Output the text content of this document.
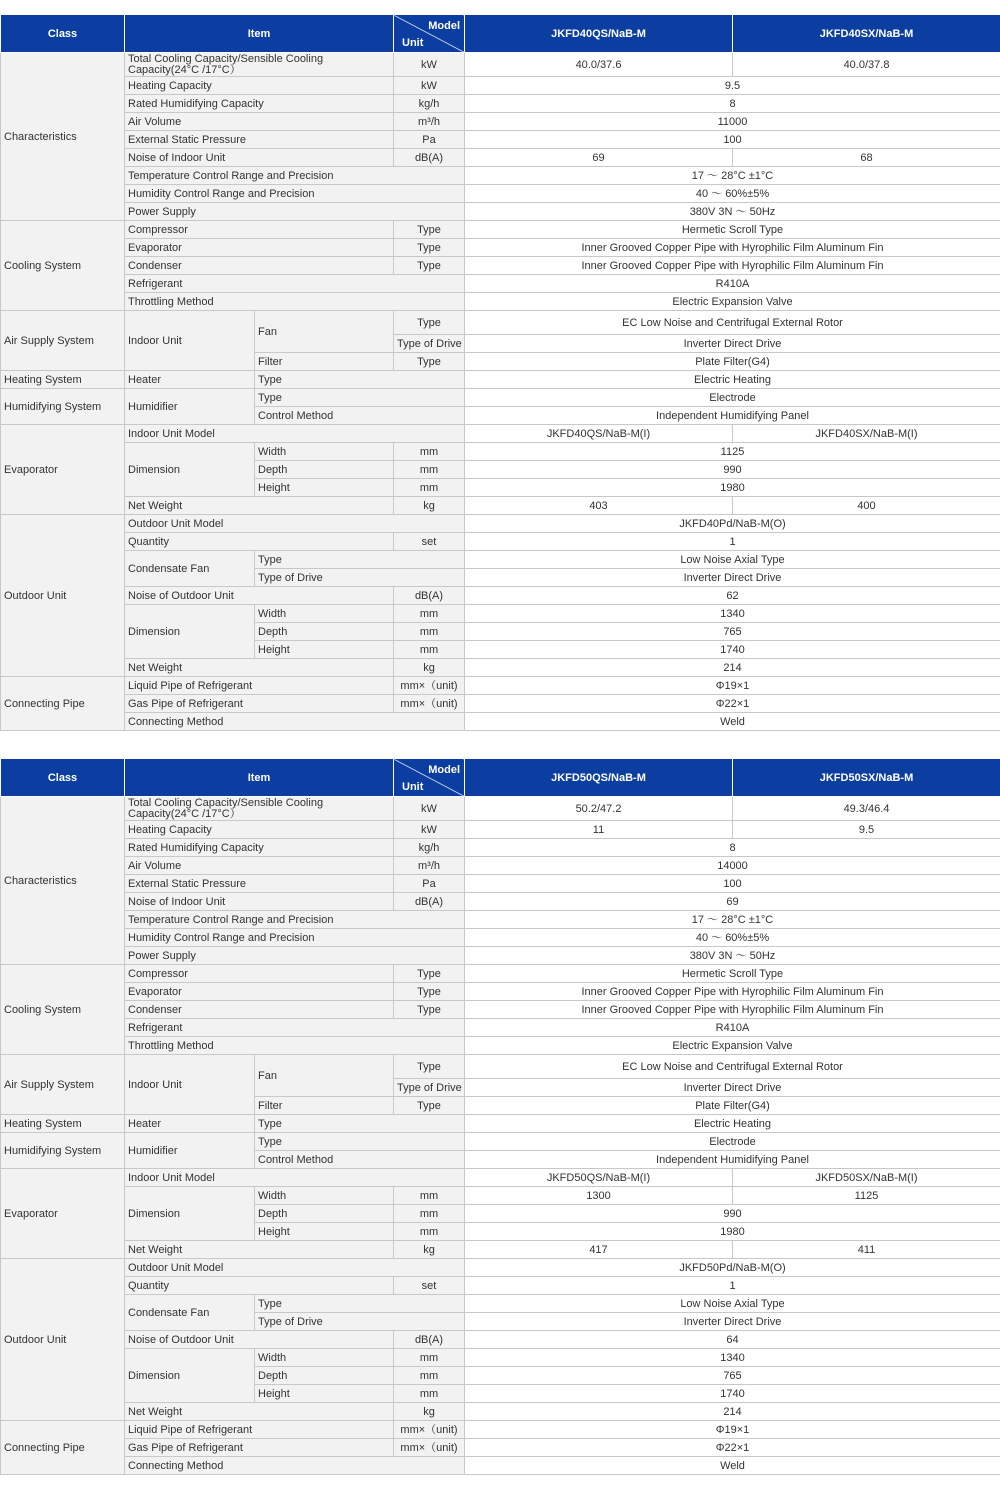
Class	Item		Model
Unit	JKFD40QS/NaB-M	JKFD40SX/NaB-M
Characteristics	Total Cooling Capacity/Sensible Cooling Capacity(24°C /17°C）		kW	40.0/37.6	40.0/37.8
	Heating Capacity		kW	9.5	
	Rated Humidifying Capacity		kg/h	8	
	Air Volume		m³/h	11000	
	External Static Pressure		Pa	100	
	Noise of Indoor Unit		dB(A)	69	68
	Temperature Control Range and Precision			17 ～ 28°C ±1°C	
	Humidity Control Range and Precision			40 ～ 60%±5%	
	Power Supply			380V 3N ～ 50Hz	
Cooling System	Compressor		Type	Hermetic Scroll Type	
	Evaporator		Type	Inner Grooved Copper Pipe with Hyrophilic Film Aluminum Fin	
	Condenser		Type	Inner Grooved Copper Pipe with Hyrophilic Film Aluminum Fin	
	Refrigerant			R410A	
	Throttling Method			Electric Expansion Valve	
Air Supply System	Indoor Unit	Fan	Type	EC Low Noise and Centrifugal External Rotor	
			Type of Drive	Inverter Direct Drive	
		Filter	Type	Plate Filter(G4)	
Heating System	Heater	Type		Electric Heating	
Humidifying System	Humidifier	Type		Electrode	
		Control Method		Independent Humidifying Panel	
Evaporator	Indoor Unit Model			JKFD40QS/NaB-M(I)	JKFD40SX/NaB-M(I)
	Dimension	Width	mm	1125	
		Depth	mm	990	
		Height	mm	1980	
	Net Weight		kg	403	400
Outdoor Unit	Outdoor Unit Model			JKFD40Pd/NaB-M(O)	
	Quantity		set	1	
	Condensate Fan	Type		Low Noise Axial Type	
		Type of Drive		Inverter Direct Drive	
	Noise of Outdoor Unit		dB(A)	62	
	Dimension	Width	mm	1340	
		Depth	mm	765	
		Height	mm	1740	
	Net Weight		kg	214	
Connecting Pipe	Liquid Pipe of Refrigerant		mm×（unit)	Φ19×1	
	Gas Pipe of Refrigerant		mm×（unit)	Φ22×1	
	Connecting Method			Weld	
Class	Item		Model
Unit	JKFD50QS/NaB-M	JKFD50SX/NaB-M
Characteristics	Total Cooling Capacity/Sensible Cooling Capacity(24°C /17°C）		kW	50.2/47.2	49.3/46.4
	Heating Capacity		kW	11	9.5
	Rated Humidifying Capacity		kg/h	8	
	Air Volume		m³/h	14000	
	External Static Pressure		Pa	100	
	Noise of Indoor Unit		dB(A)	69	
	Temperature Control Range and Precision			17 ～ 28°C ±1°C	
	Humidity Control Range and Precision			40 ～ 60%±5%	
	Power Supply			380V 3N ～ 50Hz	
Cooling System	Compressor		Type	Hermetic Scroll Type	
	Evaporator		Type	Inner Grooved Copper Pipe with Hyrophilic Film Aluminum Fin	
	Condenser		Type	Inner Grooved Copper Pipe with Hyrophilic Film Aluminum Fin	
	Refrigerant			R410A	
	Throttling Method			Electric Expansion Valve	
Air Supply System	Indoor Unit	Fan	Type	EC Low Noise and Centrifugal External Rotor	
			Type of Drive	Inverter Direct Drive	
		Filter	Type	Plate Filter(G4)	
Heating System	Heater	Type		Electric Heating	
Humidifying System	Humidifier	Type		Electrode	
		Control Method		Independent Humidifying Panel	
Evaporator	Indoor Unit Model			JKFD50QS/NaB-M(I)	JKFD50SX/NaB-M(I)
	Dimension	Width	mm	1300	1125
		Depth	mm	990	
		Height	mm	1980	
	Net Weight		kg	417	411
Outdoor Unit	Outdoor Unit Model			JKFD50Pd/NaB-M(O)	
	Quantity		set	1	
	Condensate Fan	Type		Low Noise Axial Type	
		Type of Drive		Inverter Direct Drive	
	Noise of Outdoor Unit		dB(A)	64	
	Dimension	Width	mm	1340	
		Depth	mm	765	
		Height	mm	1740	
	Net Weight		kg	214	
Connecting Pipe	Liquid Pipe of Refrigerant		mm×（unit)	Φ19×1	
	Gas Pipe of Refrigerant		mm×（unit)	Φ22×1	
	Connecting Method			Weld	
